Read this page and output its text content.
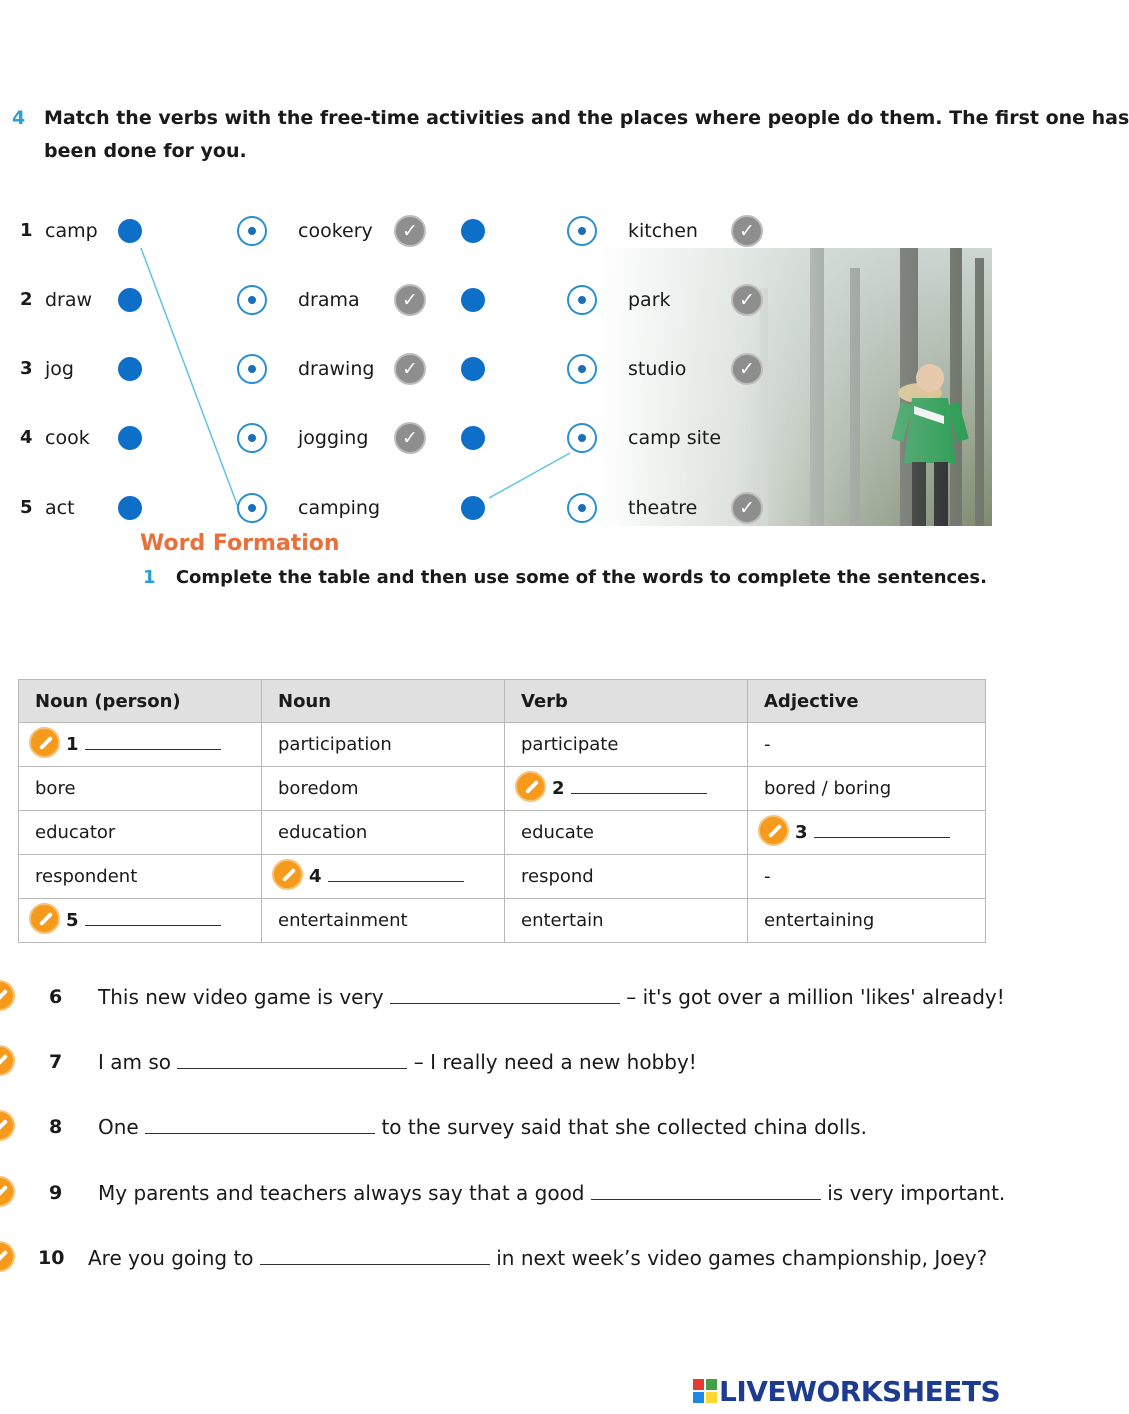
4 Match the verbs with the free-time activities and the places where people do them. The first one has
been done for you.
1 camp	cookery	✓	kitchen	✓
2 draw	drama	✓	park	✓
3 jog	drawing	✓	studio	✓
4 cook	jogging	✓	camp site
5 act	camping	theatre	✓
Word Formation
1 Complete the table and then use some of the words to complete the sentences.
Noun (person)	Noun	Verb	Adjective
1	participation	participate	-
bore	boredom	2	bored / boring
educator	education	educate	3
respondent	4	respond	-
5	entertainment	entertain	entertaining
6 This new video game is very	– it's got over a million 'likes' already!
7 I am so	– I really need a new hobby!
8 One	to the survey said that she collected china dolls.
9 My parents and teachers always say that a good	is very important.
10 Are you going to	in next week’s video games championship, Joey?
LIVEWORKSHEETS
